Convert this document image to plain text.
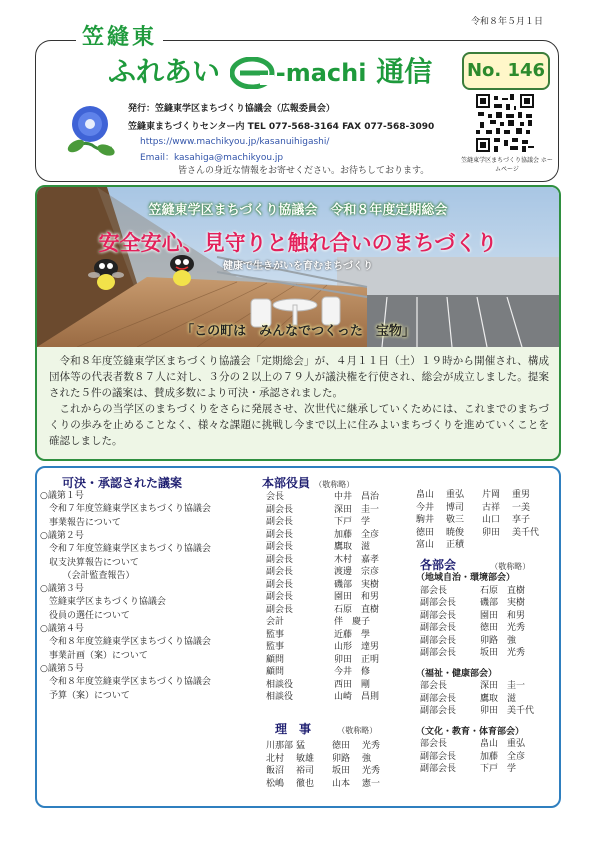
令和８年５月１日
笠縫東
ふれあい -machi 通信 No. 146
発行：笠縫東学区まちづくり協議会（広報委員会）
笠縫東まちづくりセンター内 TEL 077-568-3164 FAX 077-568-3090
https://www.machikyou.jp/kasanuihigashi/
Email：kasahiga@machikyou.jp
皆さんの身近な情報をお寄せください。お待ちしております。
笠縫東学区まちづくり協議会 ホームページ
笠縫東学区まちづくり協議会　令和８年度定期総会
安全安心、見守りと触れ合いのまちづくり
健康で生きがいを育むまちづくり
「この町は　みんなでつくった　宝物」

令和８年度笠縫東学区まちづくり協議会「定期総会」が、４月１１日（土）１９時から開催され、構成団体等の代表者数８７人に対し、３分の２以上の７９人が議決権を行使され、総会が成立しました。提案された５件の議案は、賛成多数により可決・承認されました。

これからの当学区のまちづくりをさらに発展させ、次世代に継承していくためには、これまでのまちづくりの歩みを止めることなく、様々な課題に挑戦し今まで以上に住みよいまちづくりを進めていくことを確認しました。

可決・承認された議案
○議第１号
　令和７年度笠縫東学区まちづくり協議会
　事業報告について
○議第２号
　令和７年度笠縫東学区まちづくり協議会
　収支決算報告について
　　　（会計監査報告）
○議第３号
　笠縫東学区まちづくり協議会
　役員の選任について
○議第４号
　令和８年度笠縫東学区まちづくり協議会
　事業計画（案）について
○議第５号
　令和８年度笠縫東学区まちづくり協議会
　予算（案）について
本部役員 （敬称略）
会長	中井　昌治
副会長	深田　圭一
副会長	下戸　学
副会長	加藤　全彦
副会長	鷹取　滋
副会長	木村　嘉孝
副会長	渡邊　宗彦
副会長	磯部　実樹
副会長	園田　和男
副会長	石原　直樹
会計	伴　慶子
監事	近藤　學
監事	山形　達男
顧問	卯田　正明
顧問	今井　修
相談役	西田　剛
相談役	山崎　昌則
理　事	（敬称略）
川那部 猛	徳田	光秀
北村	敏雄	卯路	強
飯沼	裕司	坂田	光秀
松嶋	徹也	山本	憲一
畠山	重弘	片岡	重男
今井	博司	古祥	一美
駒井	敬三	山口	享子
徳田	暁俊	卯田	美千代
富山	正積
各部会	（敬称略）
（地域自治・環境部会）
部会長	石原　直樹
副部会長	磯部　実樹
副部会長	園田　和男
副部会長	徳田　光秀
副部会長	卯路　強
副部会長	坂田　光秀
（福祉・健康部会）
部会長	深田　圭一
副部会長	鷹取　滋
副部会長	卯田　美千代
（文化・教育・体育部会）
部会長	畠山　重弘
副部会長	加藤　全彦
副部会長	下戸　学
